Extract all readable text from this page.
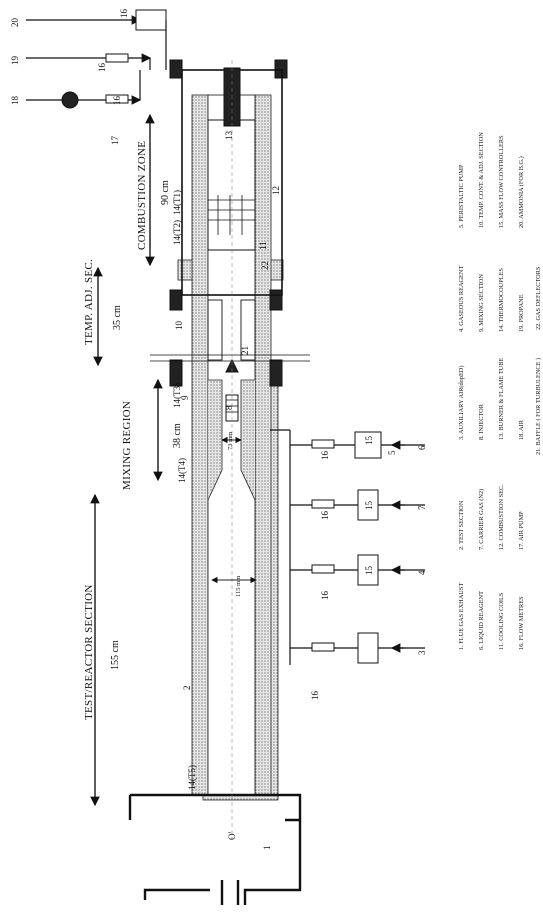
TEST/REACTOR SECTION 155 cm
MIXING REGION	38 cm
TEMP. ADJ. SEC. 35 cm
COMBUSTION ZONE 90 cm
115 mm
73 mm
O'
1
2
3
4
5
6
7
8
9
10
11
12
13
15
15
15
16
16
16
16
16
16
16
17
18
19
20
21
22
14(T1)
14(T2)
14(T3)
14(T4)
14(T5)
1. FLUE GAS EXHAUST
2. TEST SECTION
3. AUXILIARY AIR(dopED)
4. GASEOUS REAGENT
5. PERISTALTIC PUMP
6. LIQUID REAGENT
7. CARRIER GAS (N2)
8. INJECTOR
9. MIXING SECTION
10. TEMP. CONT. & ADJ. SECTION
11. COOLING COILS
12. COMBUSTION SEC.
13. BURNER & FLAME TUBE
14. THERMOCOUPLES
15. MASS FLOW CONTROLLERS
16. FLOW METRES
17. AIR PUMP
18. AIR
19. PROPANE
20. AMMONIA (FOR B.G.)
21. BAFFLE ( FOR TURBULENCE )
22. GAS DEFLECTORS
